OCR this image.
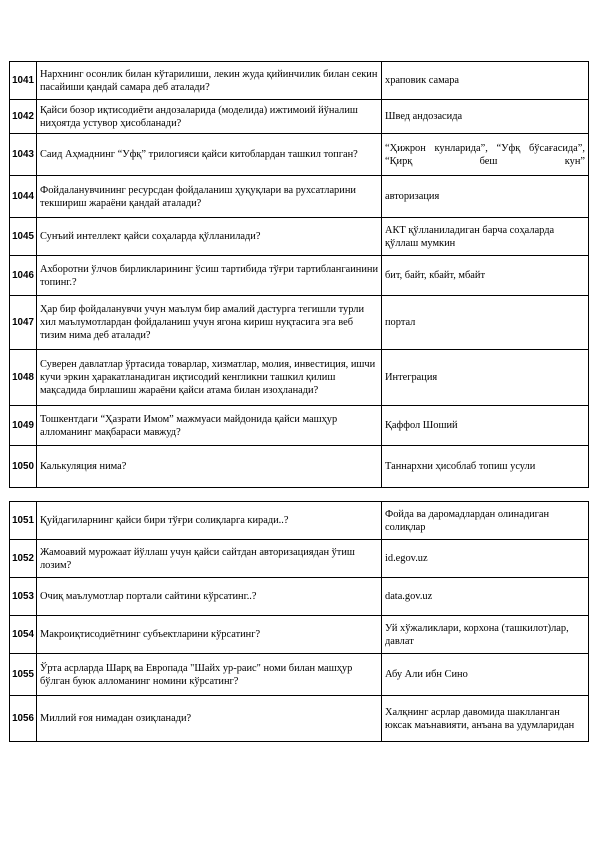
1041	Нархнинг осонлик билан кўтарилиши, лекин жуда қийинчилик билан секин пасайиши қандай самара деб аталади?	храповик самара
1042	Қайси бозор иқтисодиёти андозаларида (моделида) ижтимоий йўналиш ниҳоятда устувор ҳисобланади?	Швед андозасида
1043	Саид Аҳмаднинг “Уфқ” трилогияси қайси китоблардан ташкил топган?	“Ҳижрон кунларида”, “Уфқ бўсағасида”, “Қирқ беш кун”
1044	Фойдаланувчининг ресурсдан фойдаланиш ҳуқуқлари ва рухсатларини текшириш жараёни қандай аталади?	авторизация
1045	Сунъий интеллект қайси соҳаларда қўлланилади?	АКТ қўлланиладиган барча соҳаларда қўллаш мумкин
1046	Ахборотни ўлчов бирликларининг ўсиш тартибида тўғри тартиблангаинини топинг.?	бит, байт, кбайт, мбайт
1047	Ҳар бир фойдаланувчи учун маълум бир амалий дастурга тегишли турли хил маълумотлардан фойдаланиш учун ягона кириш нуқтасига эга веб тизим нима деб аталади?	портал
1048	Суверен давлатлар ўртасида товарлар, хизматлар, молия, инвестиция, ишчи кучи эркин ҳаракатланадиган иқтисодий кенгликни ташкил қилиш мақсадида бирлашиш жараёни қайси атама билан изоҳланади?	Интеграция
1049	Тошкентдаги “Ҳазрати Имом” мажмуаси майдонида қайси машҳур алломанинг мақбараси мавжуд?	Қаффол Шоший
1050	Калькуляция нима?	Таннархни ҳисоблаб топиш усули
1051	Қуйдагиларнинг қайси бири тўғри солиқларга киради..?	Фойда ва даромадлардан олинадиган солиқлар
1052	Жамоавий мурожаат йўллаш учун қайси сайтдан авторизациядан ўтиш лозим?	id.egov.uz
1053	Очиқ маълумотлар портали сайтини кўрсатинг..?	data.gov.uz
1054	Макроиқтисодиётнинг субъектларини кўрсатинг?	Уй хўжаликлари, корхона (ташкилот)лар, давлат
1055	Ўрта асрларда Шарқ ва Европада "Шайх ур-раис" номи билан машҳур бўлган буюк алломанинг номини кўрсатинг?	Абу Али ибн Сино
1056	Миллий ғоя нимадан озиқланади?	Халқнинг асрлар давомида шаклланган юксак маънавияти, анъана ва удумларидан
